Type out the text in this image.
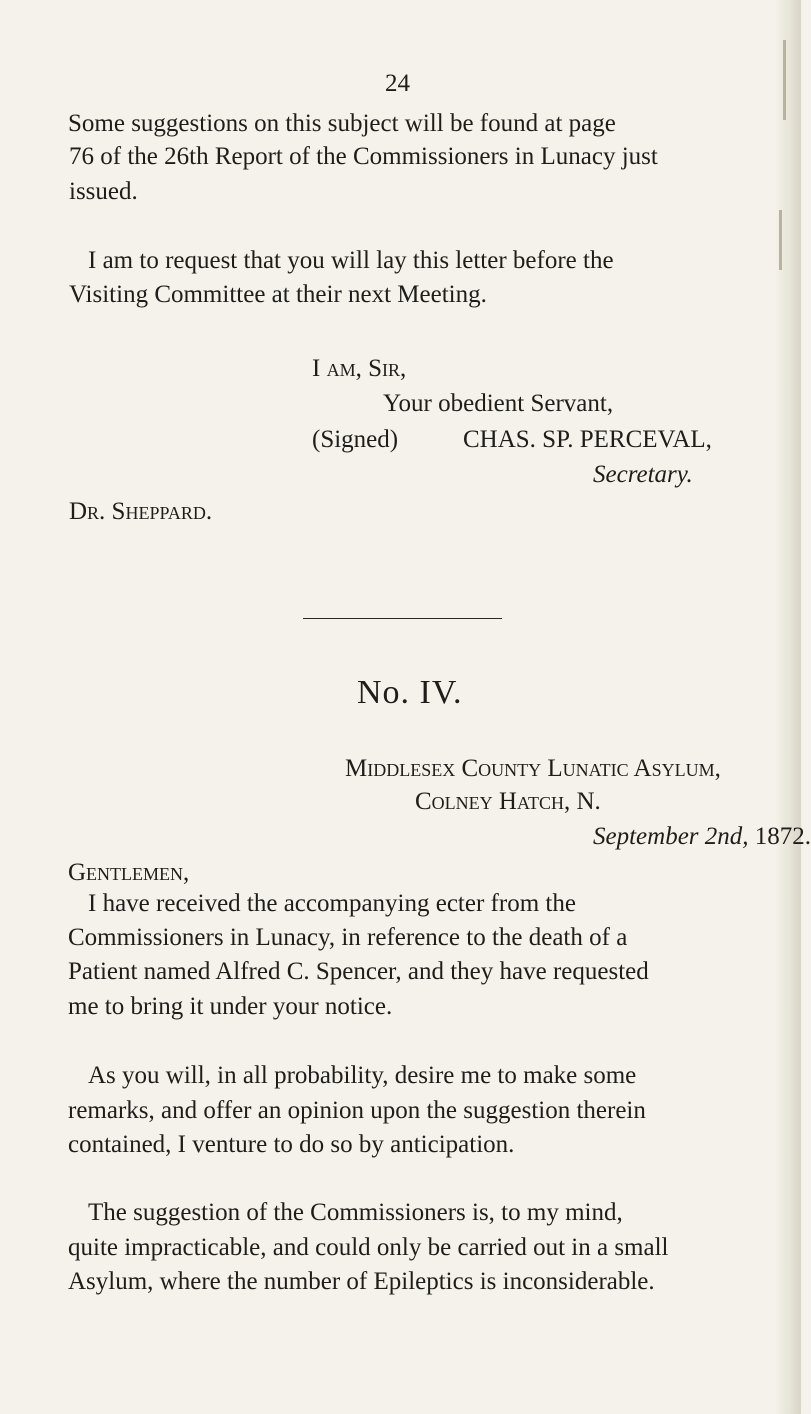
24
Some suggestions on this subject will be found at page
76 of the 26th Report of the Commissioners in Lunacy just
issued.
I am to request that you will lay this letter before the
Visiting Committee at their next Meeting.
I am, Sir,
Your obedient Servant,
(Signed)	CHAS. SP. PERCEVAL,
Secretary.
Dr. Sheppard.
No. IV.
Middlesex County Lunatic Asylum,
Colney Hatch, N.
September 2nd, 1872.
Gentlemen,
I have received the accompanying ecter from the
Commissioners in Lunacy, in reference to the death of a
Patient named Alfred C. Spencer, and they have requested
me to bring it under your notice.
As you will, in all probability, desire me to make some
remarks, and offer an opinion upon the suggestion therein
contained, I venture to do so by anticipation.
The suggestion of the Commissioners is, to my mind,
quite impracticable, and could only be carried out in a small
Asylum, where the number of Epileptics is inconsiderable.
